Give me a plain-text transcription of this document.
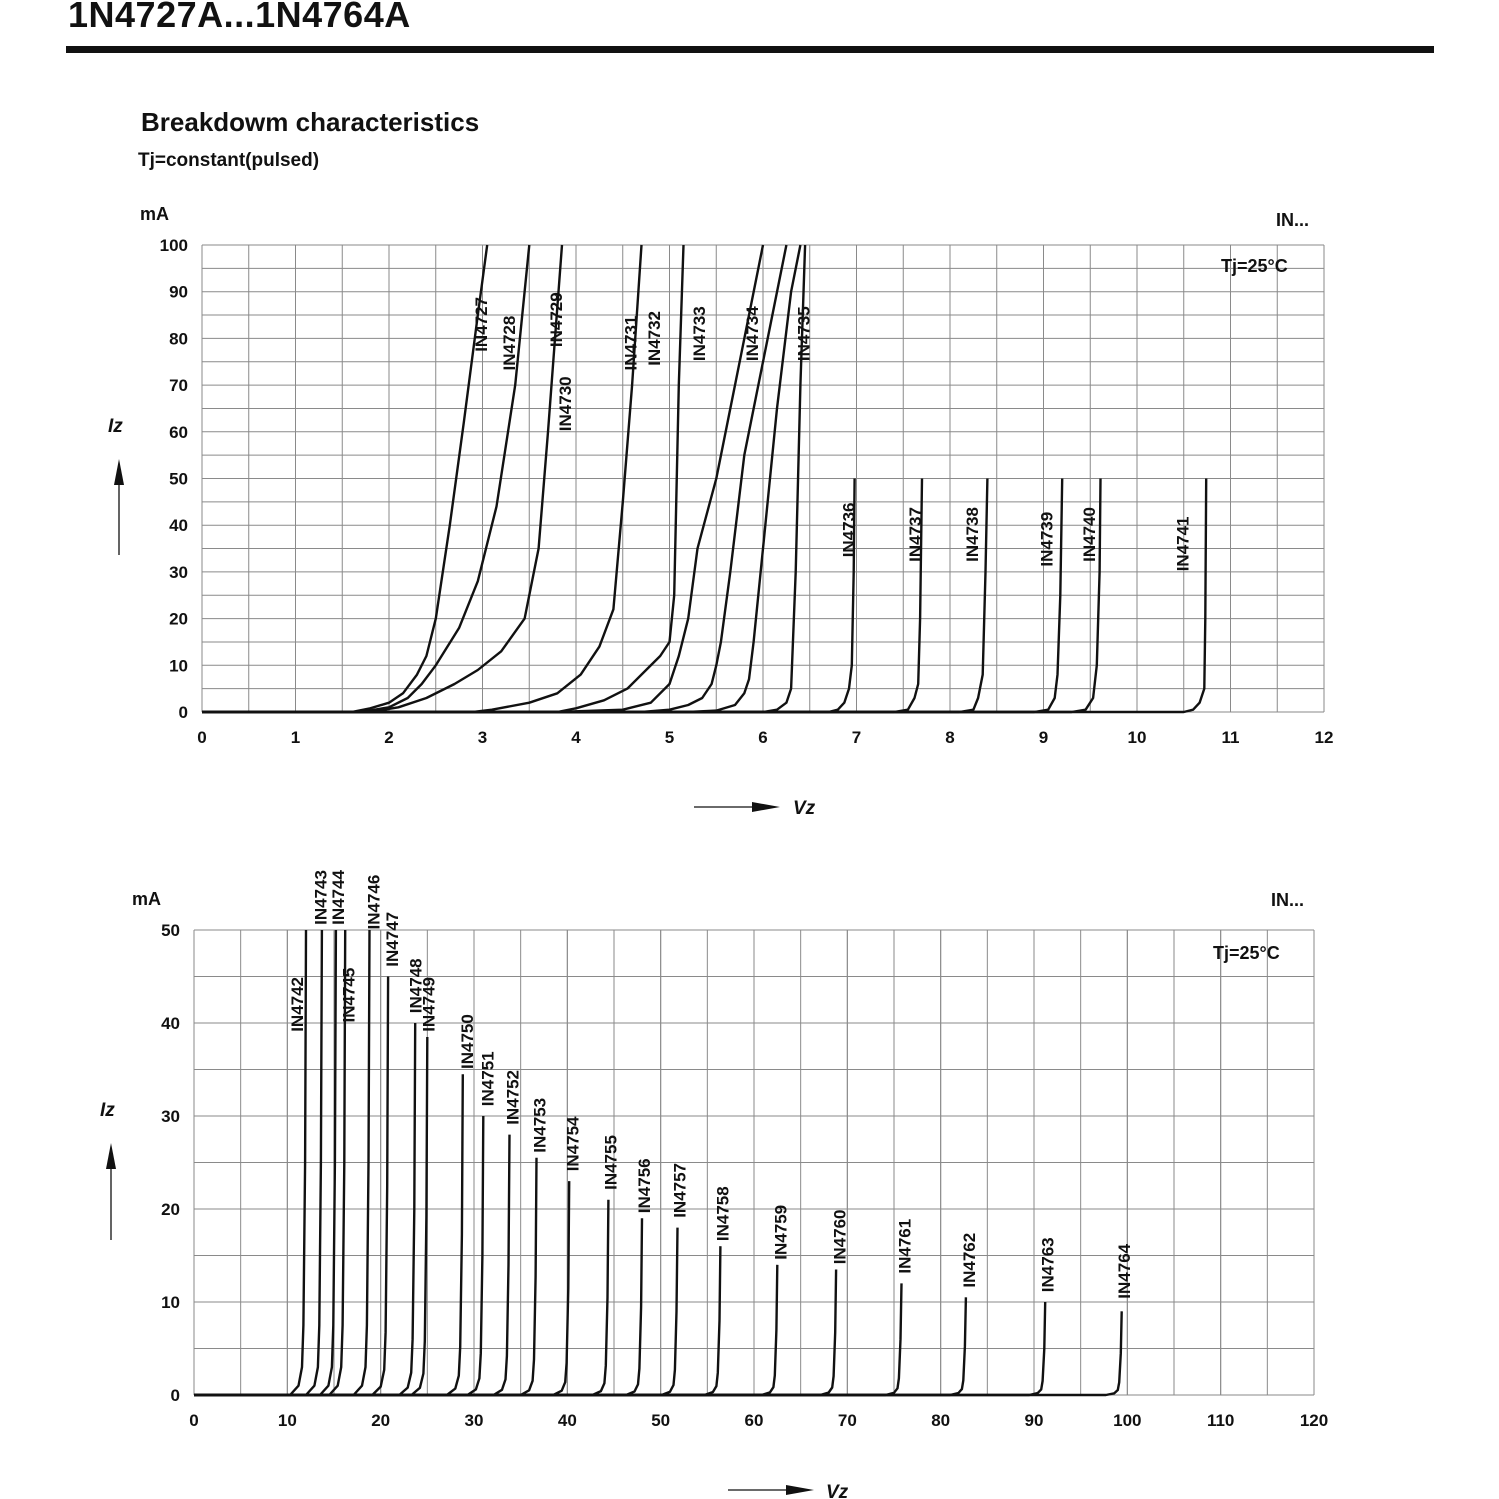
1N4727A...1N4764A
Breakdowm characteristics
Tj=constant(pulsed)
0	1	2	3	4	5	6	7	8	9	10	11	12
0
10
20
30
40
50
60
70
80
90
100
mA	IN...
Tj=25°C
Iz
Vz
IN4727 IN4728 IN4729
IN4730
IN4731 IN4732 IN4733 IN4734 IN4735
IN4736	IN4737 IN4738	IN4739 IN4740	IN4741
0	10	20	30	40	50	60	70	80	90	100	110	120
0
10
20
30
40
50
mA	IN...
Tj=25°C
Iz
Vz
IN4742
IN4743
IN4744
IN4745
IN4746
IN4747
IN4748
IN4749
IN4750
IN4751 IN4752
IN4753 IN4754 IN4755 IN4756 IN4757 IN4758 IN4759 IN4760	IN4761	IN4762	IN4763	IN4764
